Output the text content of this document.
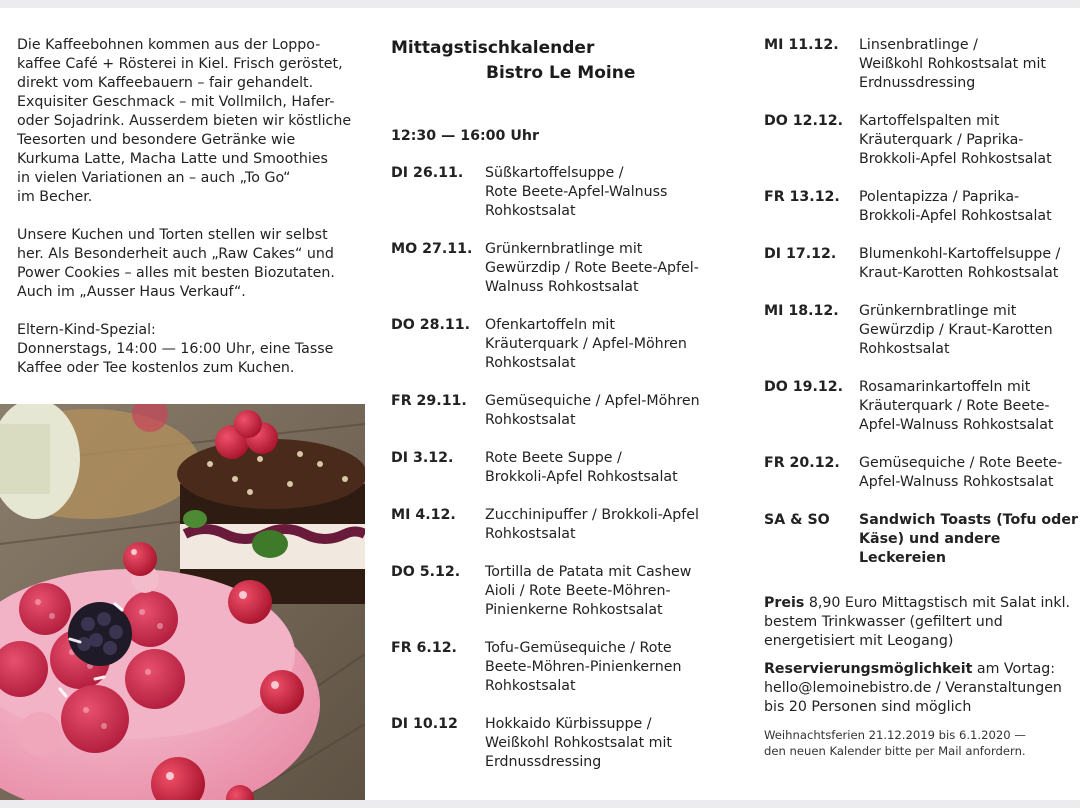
Die Kaffeebohnen kommen aus der Loppo-
kaffee Café + Rösterei in Kiel. Frisch geröstet,
direkt vom Kaffeebauern – fair gehandelt.
Exquisiter Geschmack – mit Vollmilch, Hafer-
oder Sojadrink. Ausserdem bieten wir köstliche
Teesorten und besondere Getränke wie
Kurkuma Latte, Macha Latte und Smoothies
in vielen Variationen an – auch „To Go“
im Becher.

Unsere Kuchen und Torten stellen wir selbst
her. Als Besonderheit auch „Raw Cakes“ und
Power Cookies – alles mit besten Biozutaten.
Auch im „Ausser Haus Verkauf“.

Eltern-Kind-Spezial:
Donnerstags, 14:00 — 16:00 Uhr, eine Tasse
Kaffee oder Tee kostenlos zum Kuchen.

Mittagstischkalender
Bistro Le Moine
12:30 — 16:00 Uhr
DI 26.11.	Süßkartoffelsuppe /
Rote Beete-Apfel-Walnuss
Rohkostsalat
MO 27.11. Grünkernbratlinge mit
Gewürzdip / Rote Beete-Apfel-
Walnuss Rohkostsalat
DO 28.11.	Ofenkartoffeln mit
Kräuterquark / Apfel-Möhren
Rohkostsalat
FR 29.11.	Gemüsequiche / Apfel-Möhren
Rohkostsalat
DI 3.12.	Rote Beete Suppe /
Brokkoli-Apfel Rohkostsalat
MI 4.12.	Zucchinipuffer / Brokkoli-Apfel
Rohkostsalat
DO 5.12.	Tortilla de Patata mit Cashew
Aioli / Rote Beete-Möhren-
Pinienkerne Rohkostsalat
FR 6.12.	Tofu-Gemüsequiche / Rote
Beete-Möhren-Pinienkernen
Rohkostsalat
DI 10.12	Hokkaido Kürbissuppe /
Weißkohl Rohkostsalat mit
Erdnussdressing
MI 11.12.	Linsenbratlinge /
Weißkohl Rohkostsalat mit
Erdnussdressing
DO 12.12.	Kartoffelspalten mit
Kräuterquark / Paprika-
Brokkoli-Apfel Rohkostsalat
FR 13.12.	Polentapizza / Paprika-
Brokkoli-Apfel Rohkostsalat
DI 17.12.	Blumenkohl-Kartoffelsuppe /
Kraut-Karotten Rohkostsalat
MI 18.12.	Grünkernbratlinge mit
Gewürzdip / Kraut-Karotten
Rohkostsalat
DO 19.12.	Rosamarinkartoffeln mit
Kräuterquark / Rote Beete-
Apfel-Walnuss Rohkostsalat
FR 20.12.	Gemüsequiche / Rote Beete-
Apfel-Walnuss Rohkostsalat
SA & SO	Sandwich Toasts (Tofu oder
Käse) und andere Leckereien

Preis 8,90 Euro Mittagstisch mit Salat inkl. bestem Trinkwasser (gefiltert und energetisiert mit Leogang)

Reservierungsmöglichkeit am Vortag: hello@lemoinebistro.de / Veranstaltungen bis 20 Personen sind möglich

Weihnachtsferien 21.12.2019 bis 6.1.2020 —
den neuen Kalender bitte per Mail anfordern.
